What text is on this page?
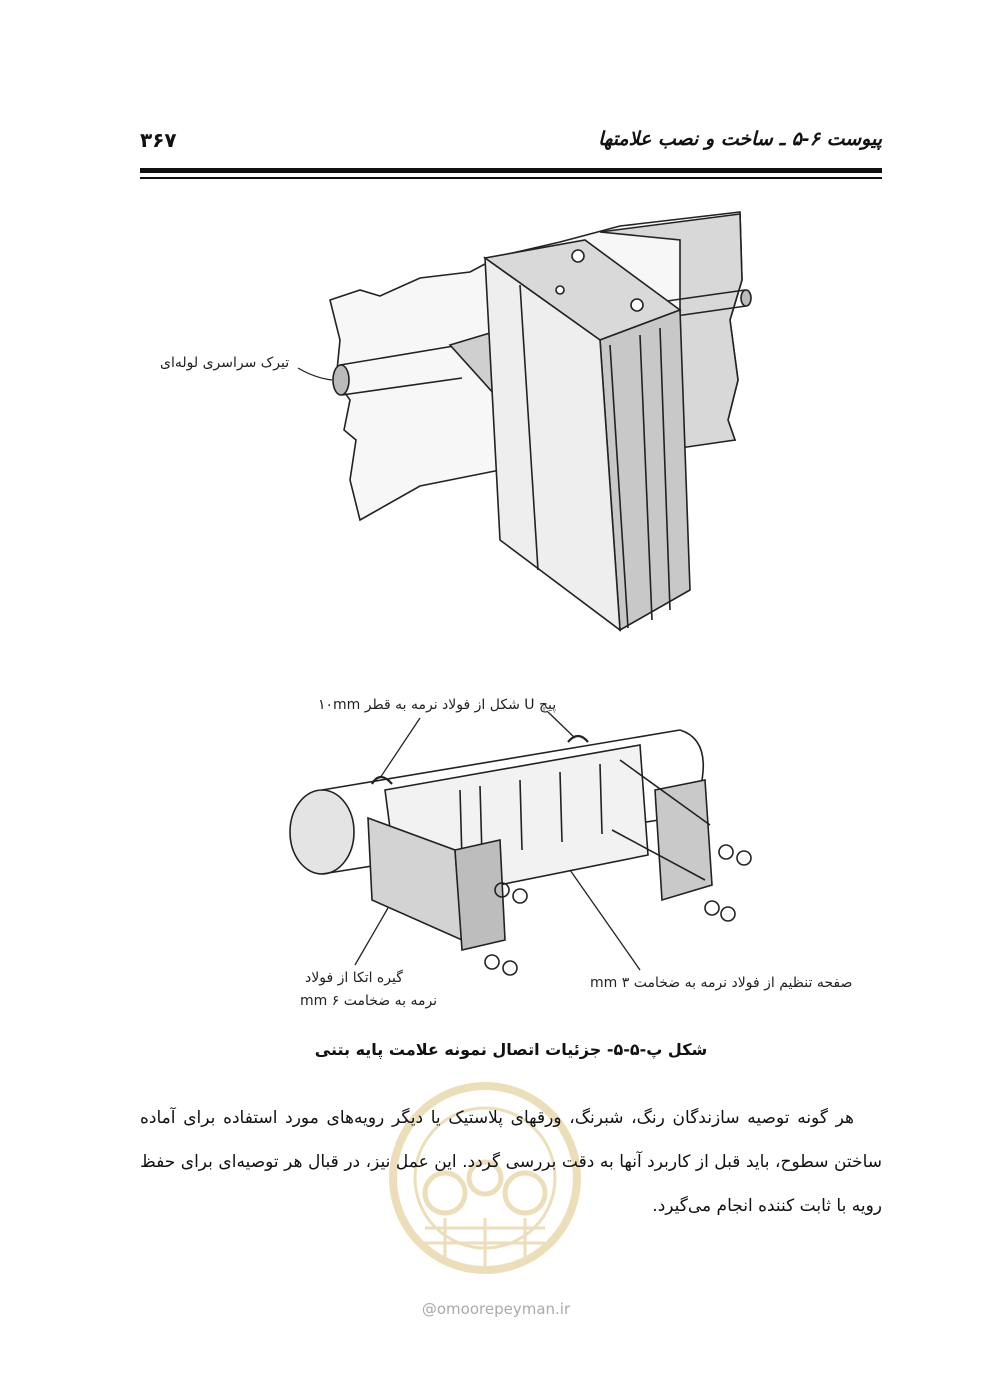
۳۶۷	پیوست ۶-۵ ـ ساخت و نصب علامتها
تیرک سراسری لوله‌ای
پیچ U شکل از فولاد نرمه به قطر ۱۰mm
گیره اتکا از فولاد
نرمه به ضخامت ۶ mm
صفحه تنظیم از فولاد نرمه به ضخامت ۳ mm
شکل پ-۵-۵- جزئیات اتصال نمونه علامت پایه بتنی

هر گونه توصیه سازندگان رنگ، شبرنگ، ورقهای پلاستیک یا دیگر رویه‌های مورد استفاده برای آماده ساختن سطوح، باید قبل از کاربرد آنها به دقت بررسی گردد. این عمل نیز، در قبال هر توصیه‌ای برای حفظ رویه با ثابت کننده انجام می‌گیرد.

@omoorepeyman.ir
